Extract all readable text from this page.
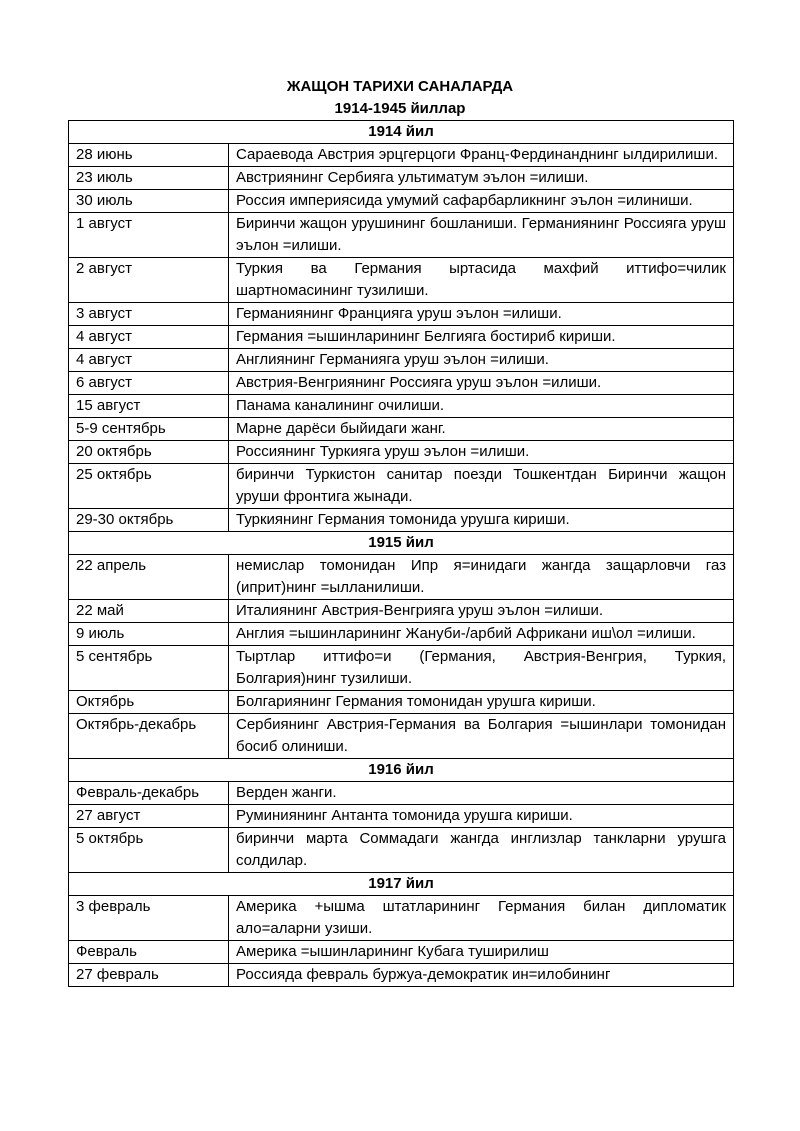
ЖАЩОН ТАРИХИ САНАЛАРДА
1914-1945 йиллар
1914 йил	
28 июнь	Сараевода Австрия эрцгерцоги Франц-Фердинанднинг ылдирилиши.
23 июль	Австриянинг Сербияга ультиматум эълон =илиши.
30 июль	Россия империясида умумий сафарбарликнинг эълон =илиниши.
1 август	Биринчи жащон урушининг бошланиши. Германиянинг Россияга уруш эълон =илиши.
2 август	Туркия ва Германия ыртасида махфий иттифо=чилик шартномасининг тузилиши.
3 август	Германиянинг Францияга уруш эълон =илиши.
4 август	Германия =ышинларининг Белгияга бостириб кириши.
4 август	Англиянинг Германияга уруш эълон =илиши.
6 август	Австрия-Венгриянинг Россияга уруш эълон =илиши.
15 август	Панама каналининг очилиши.
5-9 сентябрь	Марне дарёси быйидаги жанг.
20 октябрь	Россиянинг Туркияга уруш эълон =илиши.
25 октябрь	биринчи Туркистон санитар поезди Тошкентдан Биринчи жащон уруши фронтига жынади.
29-30 октябрь	Туркиянинг Германия томонида урушга кириши.
1915 йил	
22 апрель	немислар томонидан Ипр я=инидаги жангда защарловчи газ (иприт)нинг =ылланилиши.
22 май	Италиянинг Австрия-Венгрияга уруш эълон =илиши.
9 июль	Англия =ышинларининг Жануби-/арбий Африкани иш\ол =илиши.
5 сентябрь	Тыртлар иттифо=и (Германия, Австрия-Венгрия, Туркия, Болгария)нинг тузилиши.
Октябрь	Болгариянинг Германия томонидан урушга кириши.
Октябрь-декабрь	Сербиянинг Австрия-Германия ва Болгария =ышинлари томонидан босиб олиниши.
1916 йил	
Февраль-декабрь	Верден жанги.
27 август	Руминиянинг Антанта томонида урушга кириши.
5 октябрь	биринчи марта Соммадаги жангда инглизлар танкларни урушга солдилар.
1917 йил	
3 февраль	Америка +ышма штатларининг Германия билан дипломатик ало=аларни узиши.
Февраль	Америка =ышинларининг Кубага туширилиш
27 февраль	Россияда февраль буржуа-демократик ин=илобининг
